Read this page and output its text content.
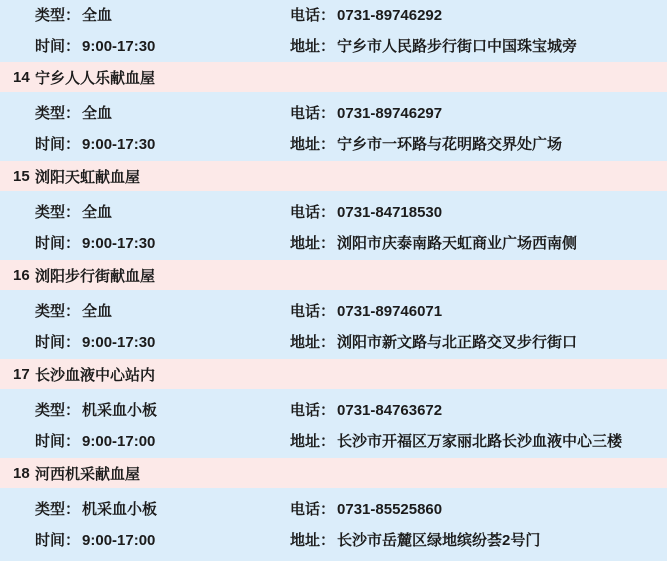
类型： 全血	电话： 0731-89746292
时间： 9:00-17:30	地址： 宁乡市人民路步行街口中国珠宝城旁
14 宁乡人人乐献血屋
类型： 全血	电话： 0731-89746297
时间： 9:00-17:30	地址： 宁乡市一环路与花明路交界处广场
15 浏阳天虹献血屋
类型： 全血	电话： 0731-84718530
时间： 9:00-17:30	地址： 浏阳市庆泰南路天虹商业广场西南侧
16 浏阳步行街献血屋
类型： 全血	电话： 0731-89746071
时间： 9:00-17:30	地址： 浏阳市新文路与北正路交叉步行街口
17 长沙血液中心站内
类型： 机采血小板	电话： 0731-84763672
时间： 9:00-17:00	地址： 长沙市开福区万家丽北路长沙血液中心三楼
18 河西机采献血屋
类型： 机采血小板	电话： 0731-85525860
时间： 9:00-17:00	地址： 长沙市岳麓区绿地缤纷荟2号门
